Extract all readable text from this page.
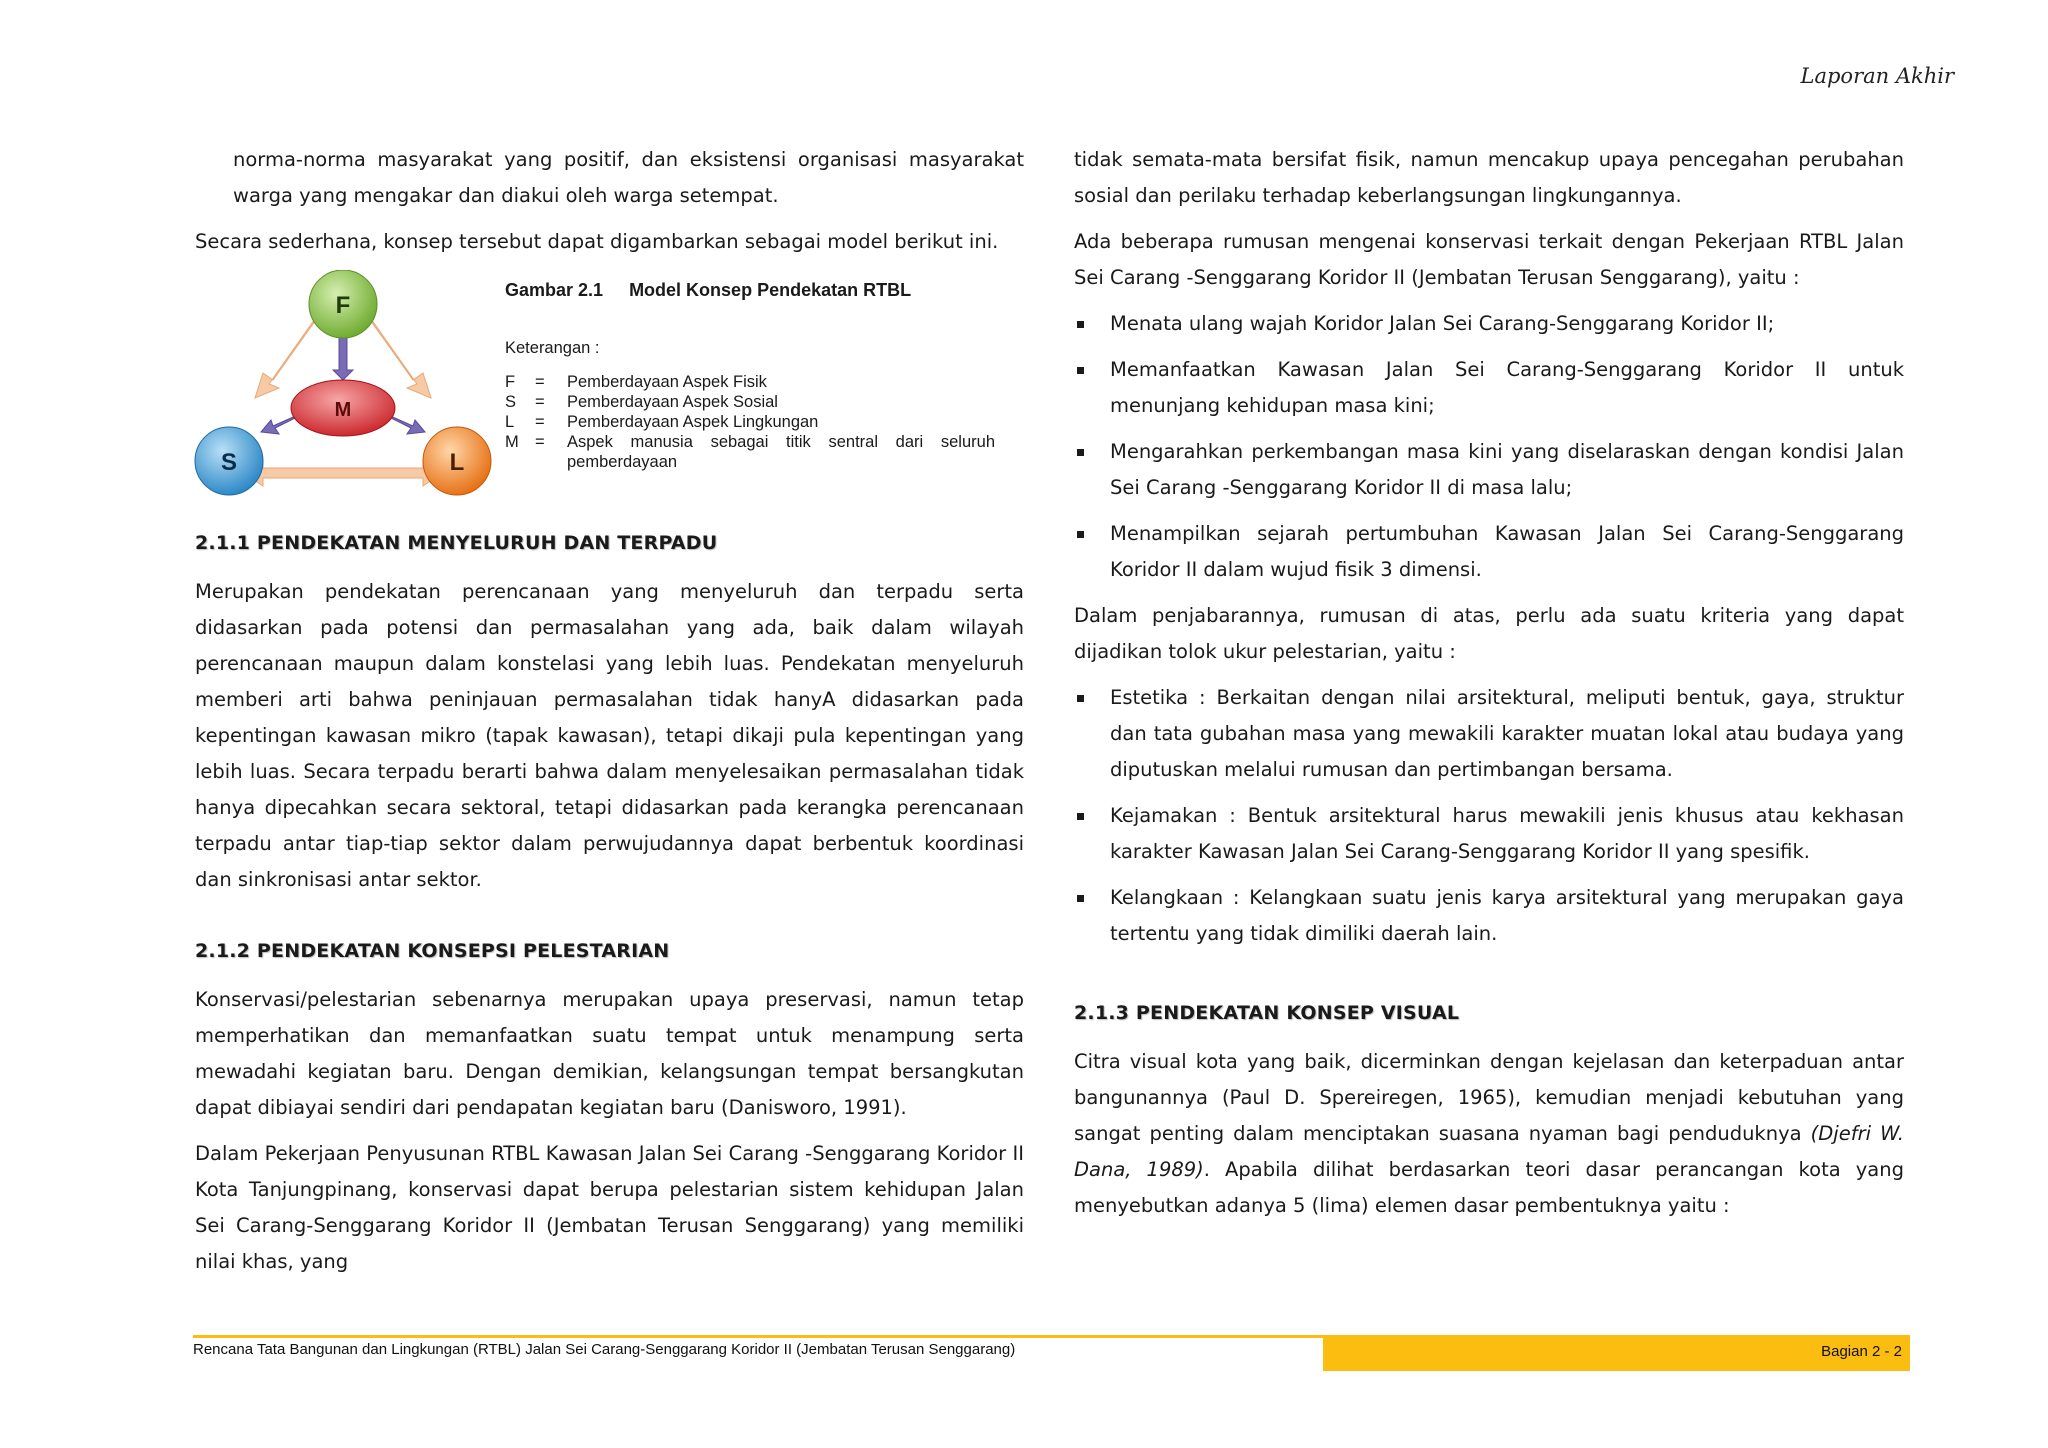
Laporan Akhir

norma-norma masyarakat yang positif, dan eksistensi organisasi masyarakat warga yang mengakar dan diakui oleh warga setempat.

Secara sederhana, konsep tersebut dapat digambarkan sebagai model berikut ini.

M
F
S	L
Gambar 2.1 Model Konsep Pendekatan RTBL
Keterangan :
F	=	Pemberdayaan Aspek Fisik
S	=	Pemberdayaan Aspek Sosial
L	=	Pemberdayaan Aspek Lingkungan
M =	Aspek manusia sebagai titik sentral dari seluruh pemberdayaan
2.1.1 PENDEKATAN MENYELURUH DAN TERPADU

Merupakan pendekatan perencanaan yang menyeluruh dan terpadu serta didasarkan pada potensi dan permasalahan yang ada, baik dalam wilayah perencanaan maupun dalam konstelasi yang lebih luas. Pendekatan menyeluruh memberi arti bahwa peninjauan permasalahan tidak hanyA didasarkan pada kepentingan kawasan mikro (tapak kawasan), tetapi dikaji pula kepentingan yang lebih luas. Secara terpadu berarti bahwa dalam menyelesaikan permasalahan tidak hanya dipecahkan secara sektoral, tetapi didasarkan pada kerangka perencanaan terpadu antar tiap-tiap sektor dalam perwujudannya dapat berbentuk koordinasi dan sinkronisasi antar sektor.

2.1.2 PENDEKATAN KONSEPSI PELESTARIAN

Konservasi/pelestarian sebenarnya merupakan upaya preservasi, namun tetap memperhatikan dan memanfaatkan suatu tempat untuk menampung serta mewadahi kegiatan baru. Dengan demikian, kelangsungan tempat bersangkutan dapat dibiayai sendiri dari pendapatan kegiatan baru (Danisworo, 1991).

Dalam Pekerjaan Penyusunan RTBL Kawasan Jalan Sei Carang -Senggarang Koridor II Kota Tanjungpinang, konservasi dapat berupa pelestarian sistem kehidupan Jalan Sei Carang-Senggarang Koridor II (Jembatan Terusan Senggarang) yang memiliki nilai khas, yang

tidak semata-mata bersifat fisik, namun mencakup upaya pencegahan perubahan sosial dan perilaku terhadap keberlangsungan lingkungannya.

Ada beberapa rumusan mengenai konservasi terkait dengan Pekerjaan RTBL Jalan Sei Carang -Senggarang Koridor II (Jembatan Terusan Senggarang), yaitu :

Menata ulang wajah Koridor Jalan Sei Carang-Senggarang Koridor II;
Memanfaatkan Kawasan Jalan Sei Carang-Senggarang Koridor II untuk menunjang kehidupan masa kini;
Mengarahkan perkembangan masa kini yang diselaraskan dengan kondisi Jalan Sei Carang -Senggarang Koridor II di masa lalu;
Menampilkan sejarah pertumbuhan Kawasan Jalan Sei Carang-Senggarang Koridor II dalam wujud fisik 3 dimensi.

Dalam penjabarannya, rumusan di atas, perlu ada suatu kriteria yang dapat dijadikan tolok ukur pelestarian, yaitu :

Estetika : Berkaitan dengan nilai arsitektural, meliputi bentuk, gaya, struktur dan tata gubahan masa yang mewakili karakter muatan lokal atau budaya yang diputuskan melalui rumusan dan pertimbangan bersama.
Kejamakan : Bentuk arsitektural harus mewakili jenis khusus atau kekhasan karakter Kawasan Jalan Sei Carang-Senggarang Koridor II yang spesifik.
Kelangkaan : Kelangkaan suatu jenis karya arsitektural yang merupakan gaya tertentu yang tidak dimiliki daerah lain.
2.1.3 PENDEKATAN KONSEP VISUAL

Citra visual kota yang baik, dicerminkan dengan kejelasan dan keterpaduan antar bangunannya (Paul D. Spereiregen, 1965), kemudian menjadi kebutuhan yang sangat penting dalam menciptakan suasana nyaman bagi penduduknya (Djefri W. Dana, 1989). Apabila dilihat berdasarkan teori dasar perancangan kota yang menyebutkan adanya 5 (lima) elemen dasar pembentuknya yaitu :

Rencana Tata Bangunan dan Lingkungan (RTBL) Jalan Sei Carang-Senggarang Koridor II (Jembatan Terusan Senggarang)	Bagian 2 - 2
